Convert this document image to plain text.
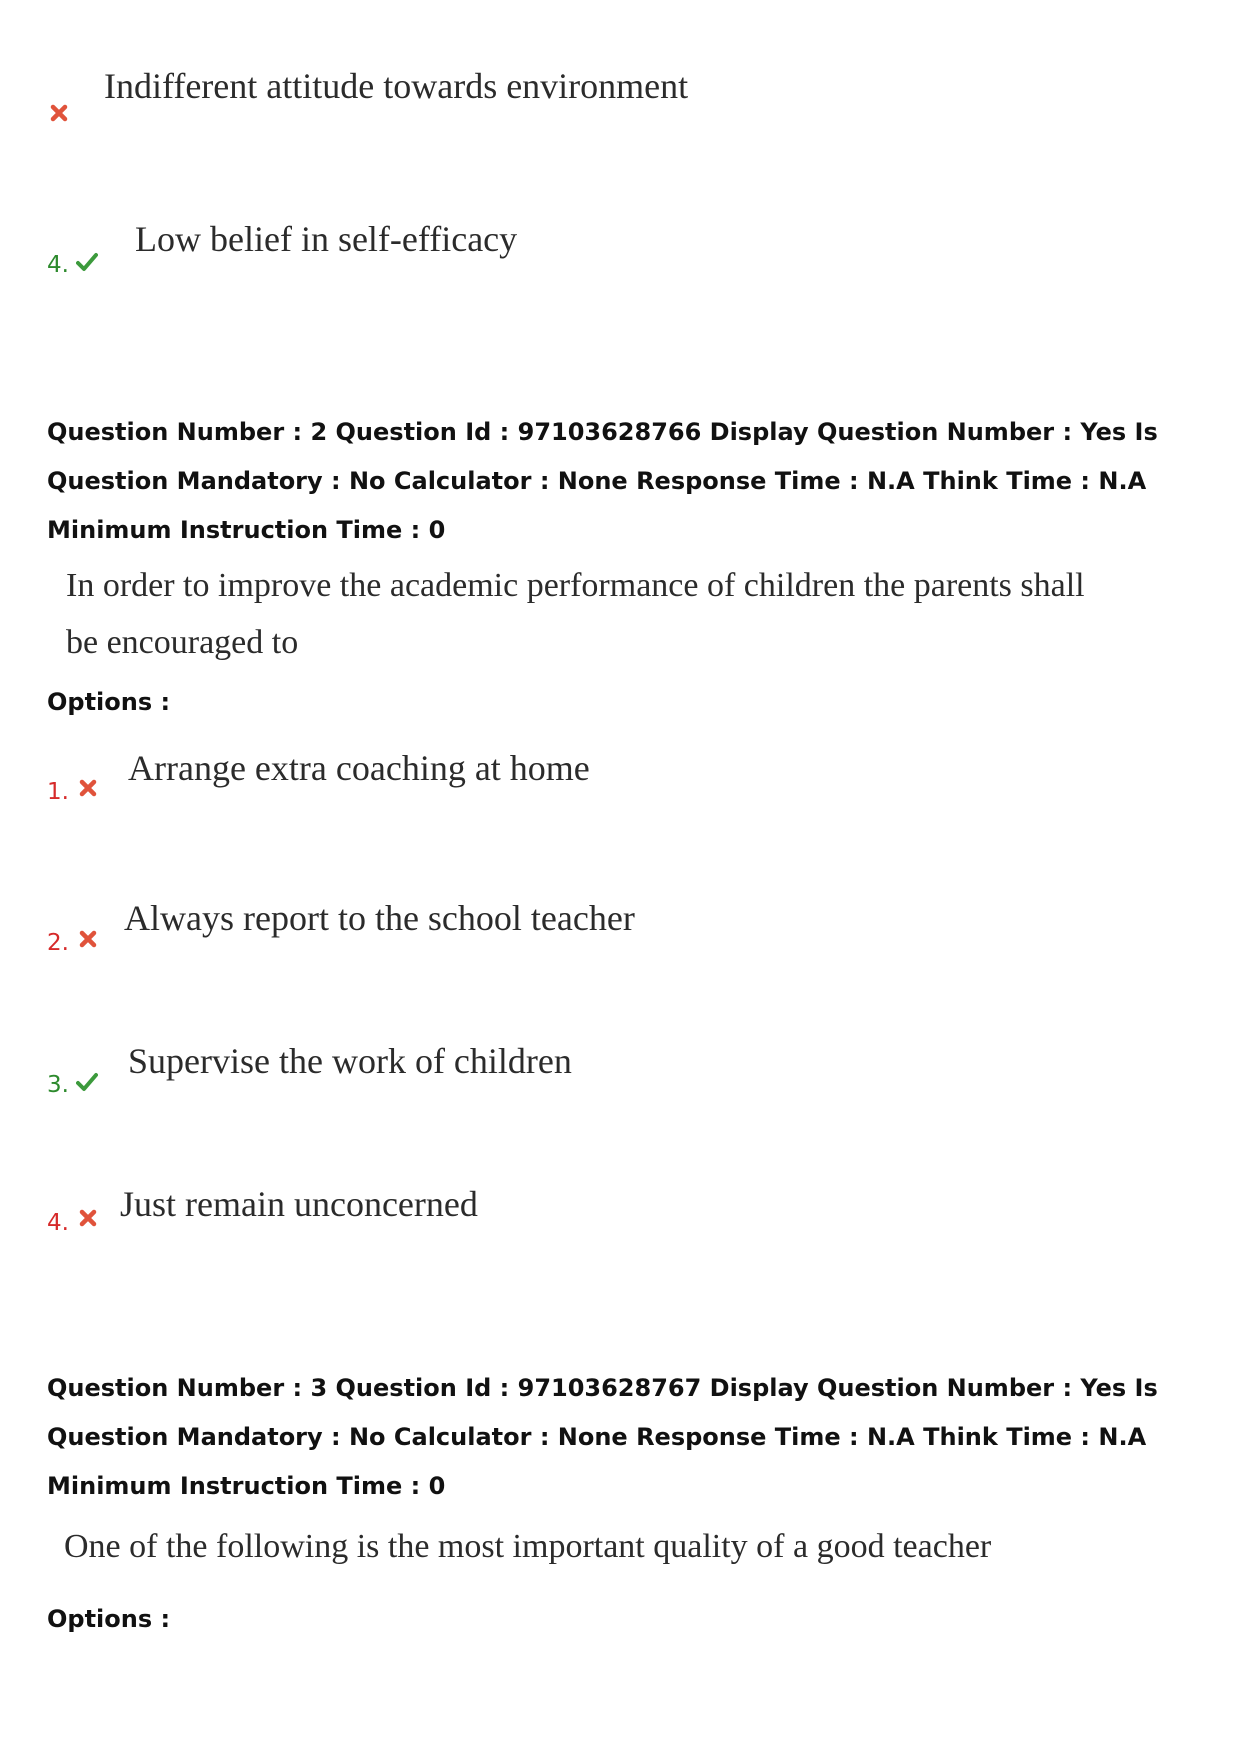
Indifferent attitude towards environment
4.
Low belief in self-efficacy
Question Number : 2 Question Id : 97103628766 Display Question Number : Yes Is Question Mandatory : No Calculator : None Response Time : N.A Think Time : N.A Minimum Instruction Time : 0
In order to improve the academic performance of children the parents shall
be encouraged to
Options :
1.
Arrange extra coaching at home
2.
Always report to the school teacher
3.
Supervise the work of children
4. Just remain unconcerned
Question Number : 3 Question Id : 97103628767 Display Question Number : Yes Is Question Mandatory : No Calculator : None Response Time : N.A Think Time : N.A Minimum Instruction Time : 0
One of the following is the most important quality of a good teacher
Options :
